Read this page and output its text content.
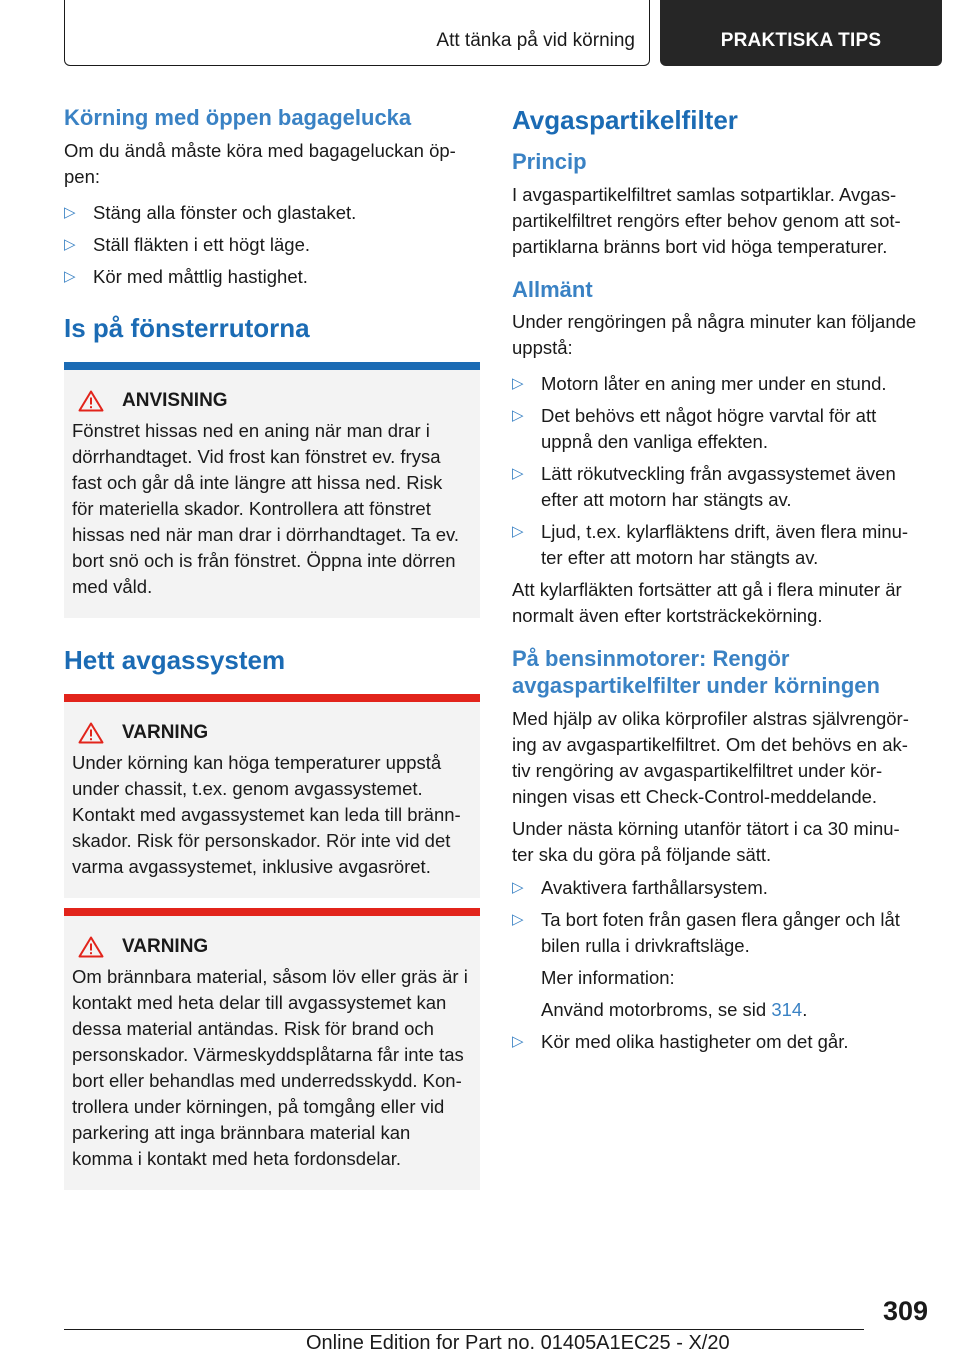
Att tänka på vid körning	PRAKTISKA TIPS
Körning med öppen bagagelucka

Om du ändå måste köra med bagageluckan öp-

pen:

▷ Stäng alla fönster och glastaket.
▷ Ställ fläkten i ett högt läge.
▷ Kör med måttlig hastighet.
Is på fönsterrutorna
ANVISNING

Fönstret hissas ned en aning när man drar i

dörrhandtaget. Vid frost kan fönstret ev. frysa

fast och går då inte längre att hissa ned. Risk

för materiella skador. Kontrollera att fönstret

hissas ned när man drar i dörrhandtaget. Ta ev.

bort snö och is från fönstret. Öppna inte dörren

med våld.

Hett avgassystem
VARNING

Under körning kan höga temperaturer uppstå

under chassit, t.ex. genom avgassystemet.

Kontakt med avgassystemet kan leda till bränn-

skador. Risk för personskador. Rör inte vid det

varma avgassystemet, inklusive avgasröret.

VARNING

Om brännbara material, såsom löv eller gräs är i

kontakt med heta delar till avgassystemet kan

dessa material antändas. Risk för brand och

personskador. Värmeskyddsplåtarna får inte tas

bort eller behandlas med underredsskydd. Kon-

trollera under körningen, på tomgång eller vid

parkering att inga brännbara material kan

komma i kontakt med heta fordonsdelar.

Avgaspartikelfilter
Princip

I avgaspartikelfiltret samlas sotpartiklar. Avgas-

partikelfiltret rengörs efter behov genom att sot-

partiklarna bränns bort vid höga temperaturer.

Allmänt

Under rengöringen på några minuter kan följande

uppstå:

▷ Motorn låter en aning mer under en stund.
▷ Det behövs ett något högre varvtal för att
uppnå den vanliga effekten.
▷ Lätt rökutveckling från avgassystemet även
efter att motorn har stängts av.
▷ Ljud, t.ex. kylarfläktens drift, även flera minu-
ter efter att motorn har stängts av.

Att kylarfläkten fortsätter att gå i flera minuter är

normalt även efter kortsträckekörning.

På bensinmotorer: Rengör
avgaspartikelfilter under körningen

Med hjälp av olika körprofiler alstras självrengör-

ing av avgaspartikelfiltret. Om det behövs en ak-

tiv rengöring av avgaspartikelfiltret under kör-

ningen visas ett Check-Control-meddelande.

Under nästa körning utanför tätort i ca 30 minu-

ter ska du göra på följande sätt.

▷ Avaktivera farthållarsystem.
▷ Ta bort foten från gasen flera gånger och låt
bilen rulla i drivkraftsläge.
Mer information:
Använd motorbroms, se sid 314.
▷ Kör med olika hastigheter om det går.
309
Online Edition for Part no. 01405A1EC25 - X/20
